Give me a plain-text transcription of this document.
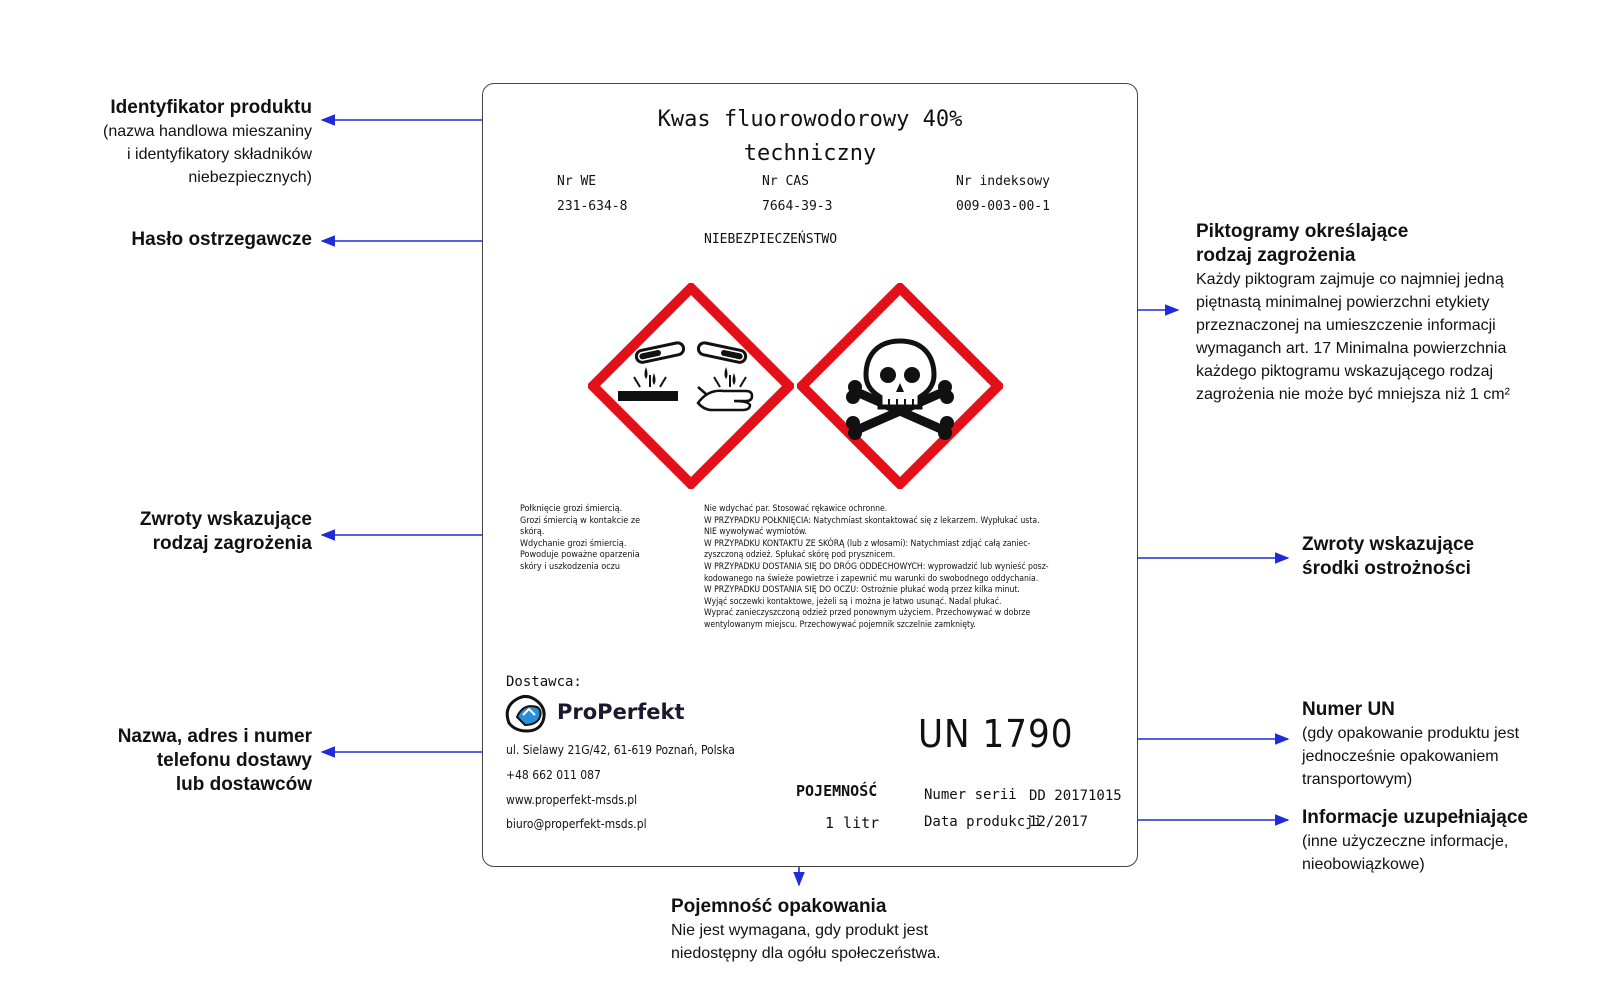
Kwas fluorowodorowy 40%
techniczny
Nr WE
231-634-8
Nr CAS
7664-39-3
Nr indeksowy
009-003-00-1
NIEBEZPIECZEŃSTWO
Połknięcie grozi śmiercią.
Grozi śmiercią w kontakcie ze
skórą.
Wdychanie grozi śmiercią.
Powoduje poważne oparzenia
skóry i uszkodzenia oczu
Nie wdychać par. Stosować rękawice ochronne.
W PRZYPADKU POŁKNIĘCIA: Natychmiast skontaktować się z lekarzem. Wypłukać usta.
NIE wywoływać wymiotów.
W PRZYPADKU KONTAKTU ZE SKÓRĄ (lub z włosami): Natychmiast zdjąć całą zaniec-
zyszczoną odzież. Spłukać skórę pod prysznicem.
W PRZYPADKU DOSTANIA SIĘ DO DRÓG ODDECHOWYCH: wyprowadzić lub wynieść posz-
kodowanego na świeże powietrze i zapewnić mu warunki do swobodnego oddychania.
W PRZYPADKU DOSTANIA SIĘ DO OCZU: Ostrożnie płukać wodą przez kilka minut.
Wyjąć soczewki kontaktowe, jeżeli są i można je łatwo usunąć. Nadal płukać.
Wyprać zanieczyszczoną odzież przed ponownym użyciem. Przechowywać w dobrze
wentylowanym miejscu. Przechowywać pojemnik szczelnie zamknięty.
Dostawca:
ProPerfekt
ul. Sielawy 21G/42, 61-619 Poznań, Polska
+48 662 011 087
www.properfekt-msds.pl
biuro@properfekt-msds.pl
UN 1790
POJEMNOŚĆ
1 litr
Numer serii DD 20171015
Data produkcji
12/2017
Identyfikator produktu
(nazwa handlowa mieszaniny
i identyfikatory składników
niebezpiecznych)
Hasło ostrzegawcze
Zwroty wskazujące
rodzaj zagrożenia
Nazwa, adres i numer
telefonu dostawy
lub dostawców
Piktogramy określające
rodzaj zagrożenia
Każdy piktogram zajmuje co najmniej jedną
piętnastą minimalnej powierzchni etykiety
przeznaczonej na umieszczenie informacji
wymaganch art. 17 Minimalna powierzchnia
każdego piktogramu wskazującego rodzaj
zagrożenia nie może być mniejsza niż 1 cm²
Zwroty wskazujące
środki ostrożności
Numer UN
(gdy opakowanie produktu jest
jednocześnie opakowaniem
transportowym)
Informacje uzupełniające
(inne użyczeczne informacje,
nieobowiązkowe)
Pojemność opakowania
Nie jest wymagana, gdy produkt jest
niedostępny dla ogółu społeczeństwa.
